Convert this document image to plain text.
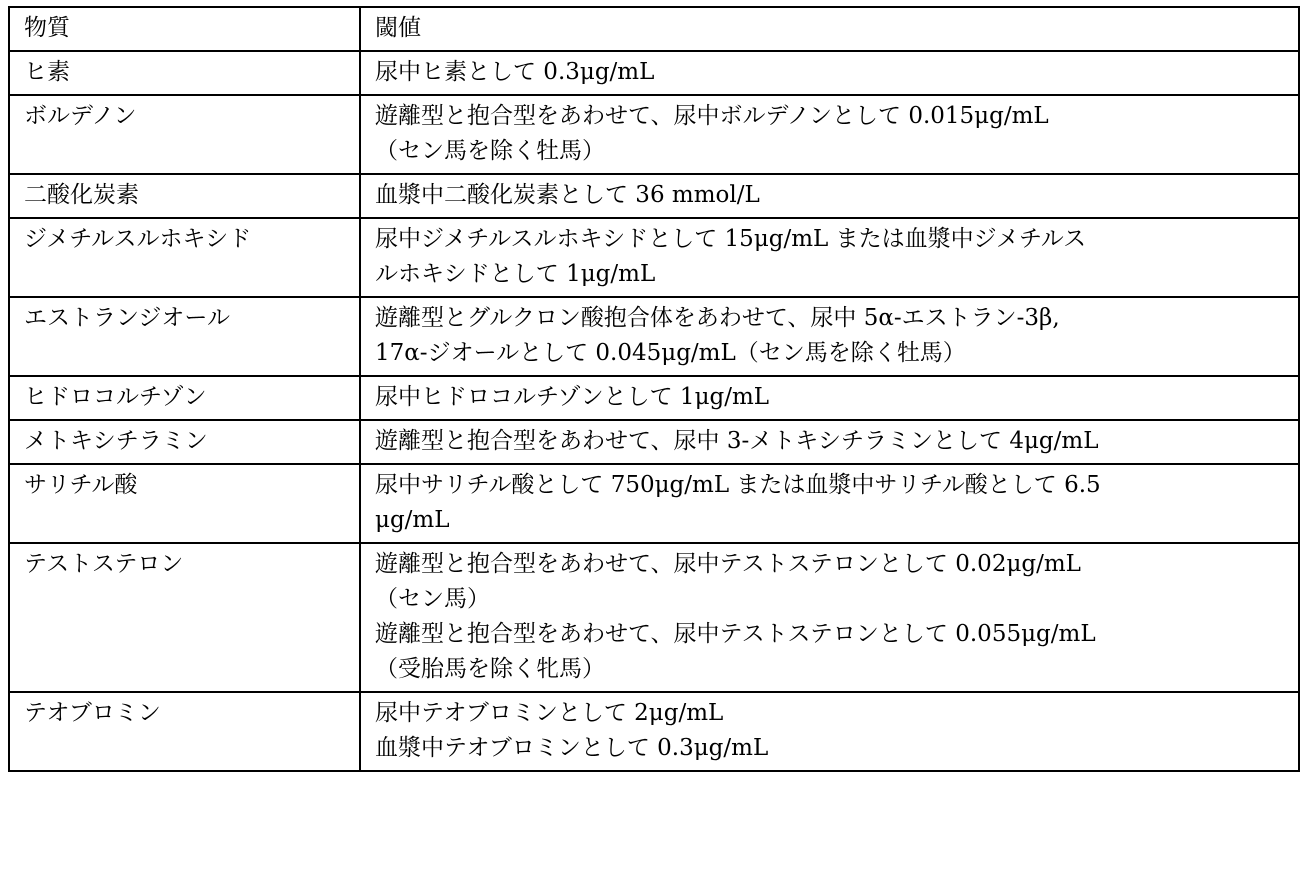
物質	閾値
ヒ素	尿中ヒ素として 0.3μg/mL

ボルデノン	遊離型と抱合型をあわせて、尿中ボルデノンとして 0.015μg/mL
（セン馬を除く牡馬）

二酸化炭素	血漿中二酸化炭素として 36 mmol/L

ジメチルスルホキシド	尿中ジメチルスルホキシドとして 15μg/mL または血漿中ジメチルス
ルホキシドとして 1μg/mL

エストランジオール	遊離型とグルクロン酸抱合体をあわせて、尿中 5α-エストラン-3β,
17α-ジオールとして 0.045μg/mL（セン馬を除く牡馬）

ヒドロコルチゾン	尿中ヒドロコルチゾンとして 1μg/mL

メトキシチラミン	遊離型と抱合型をあわせて、尿中 3-メトキシチラミンとして 4μg/mL

サリチル酸	尿中サリチル酸として 750μg/mL または血漿中サリチル酸として 6.5
μg/mL

テストステロン	遊離型と抱合型をあわせて、尿中テストステロンとして 0.02μg/mL
（セン馬）
遊離型と抱合型をあわせて、尿中テストステロンとして 0.055μg/mL
（受胎馬を除く牝馬）

テオブロミン	尿中テオブロミンとして 2μg/mL
血漿中テオブロミンとして 0.3μg/mL
